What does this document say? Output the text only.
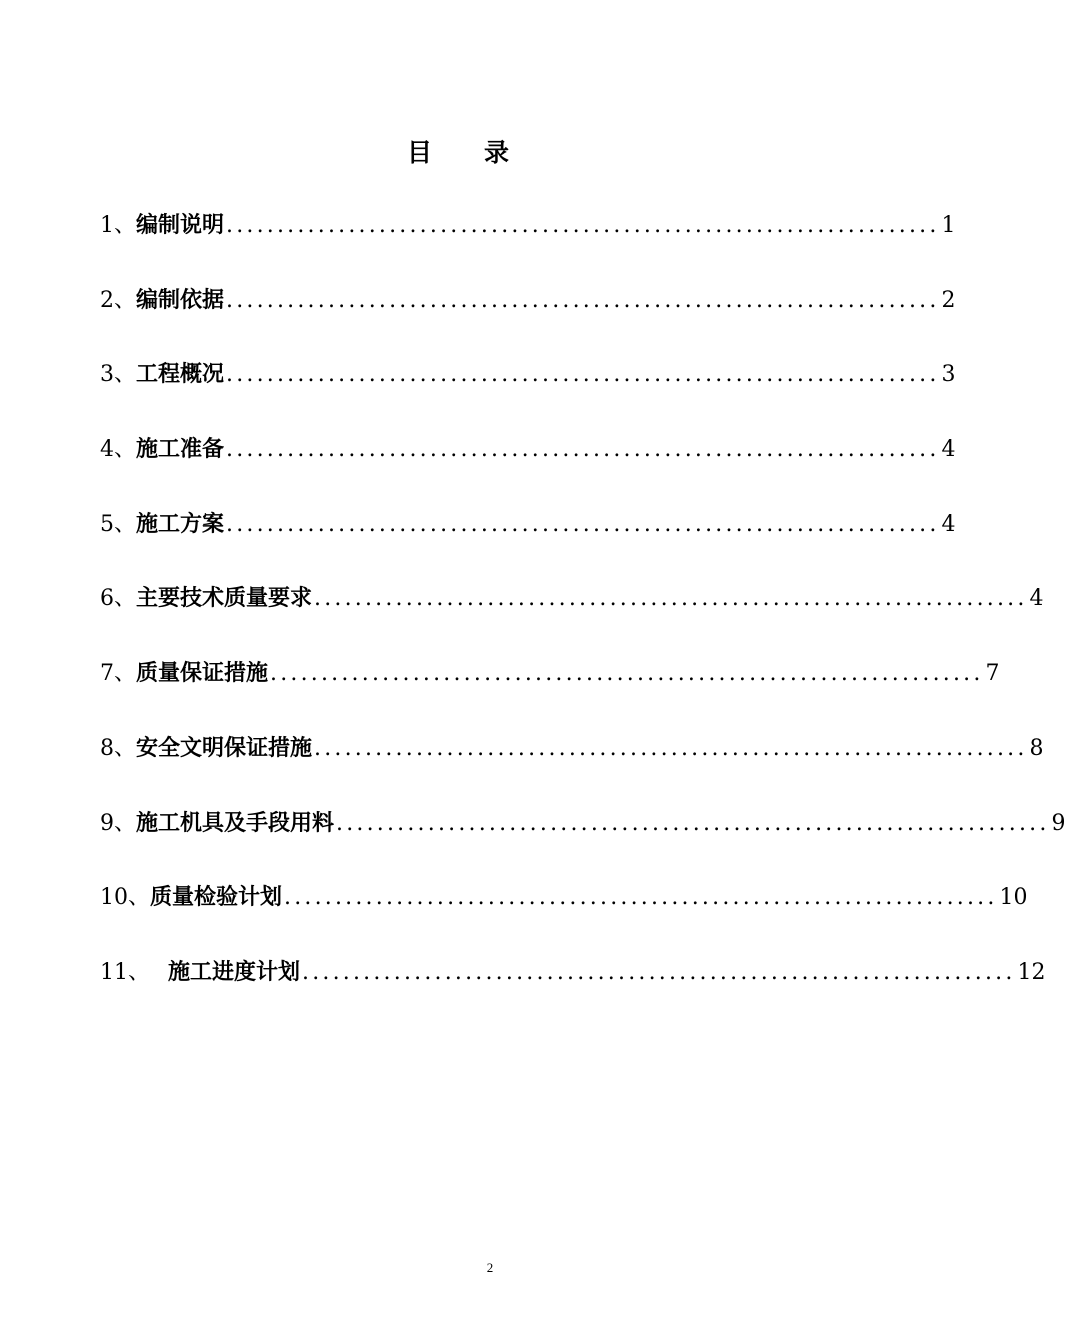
目 录
1、编制说明 ...................................................................... 1
2、编制依据 ...................................................................... 2
3、工程概况 ...................................................................... 3
4、施工准备 ...................................................................... 4
5、施工方案 ...................................................................... 4
6、主要技术质量要求 ...................................................................... 4
7、质量保证措施 ...................................................................... 7
8、安全文明保证措施 ...................................................................... 8
9、施工机具及手段用料 ...................................................................... 9
10、质量检验计划 ...................................................................... 10
11、 施工进度计划 ...................................................................... 12
2
